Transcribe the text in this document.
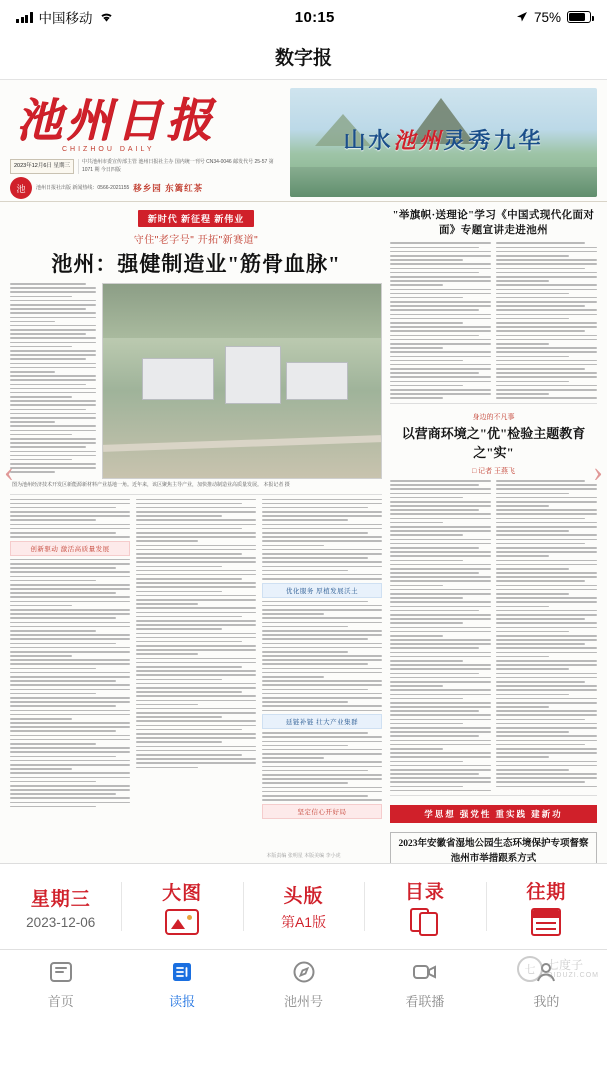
中国移动	10:15	75%
数字报
池州日报
CHIZHOU DAILY
2023年12月6日 星期三
中共池州市委宣传部主管 池州日报社主办 国内统一刊号 CN34-0046 邮发代号 25-57 第 1071 期 今日四版
池	池州日报社出版 新闻热线：0566-2021155 移乡园 东篱红茶
山水池州灵秀九华
新时代 新征程 新伟业
守住"老字号" 开拓"新赛道"
池州：强健制造业"筋骨血脉"
图为池州经济技术开发区新能源新材料产业基地一角。近年来，该区聚焦主导产业，加快推动制造业高质量发展。 本报记者 摄
创新驱动 激活高质量发展
优化服务 厚植发展沃土
延链补链 壮大产业集群
坚定信心开好局
"举旗帜·送理论"学习《中国式现代化面对面》专题宣讲走进池州
身边的不凡事
以营商环境之"优"检验主题教育之"实"
□ 记者 王燕飞
学思想 强党性 重实践 建新功
2023年安徽省湿地公园生态环境保护专项督察池州市举措跟系方式
‹	›
本版责编 张明星 本版美编 李小虎
星期三
2023-12-06
大图	头版
第A1版
目录	往期
首页	读报	池州号	看联播	我的
七 七度子
QIDUZI.COM
